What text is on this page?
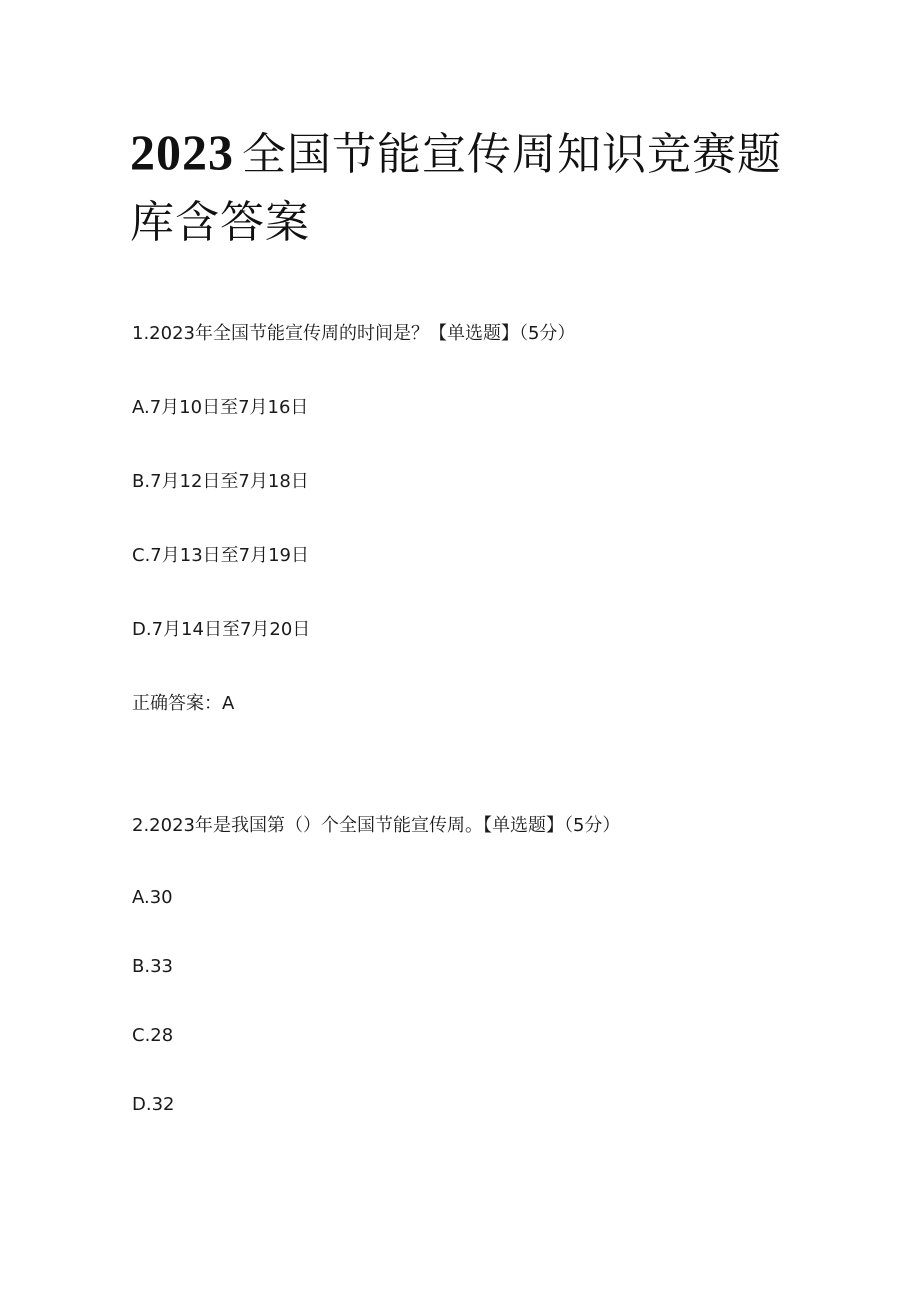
2023 全国节能宣传周知识竞赛题库含答案

1.2023年全国节能宣传周的时间是？【单选题】（5分）

A.7月10日至7月16日

B.7月12日至7月18日

C.7月13日至7月19日

D.7月14日至7月20日

正确答案：A

2.2023年是我国第（）个全国节能宣传周。【单选题】（5分）

A.30

B.33

C.28

D.32
